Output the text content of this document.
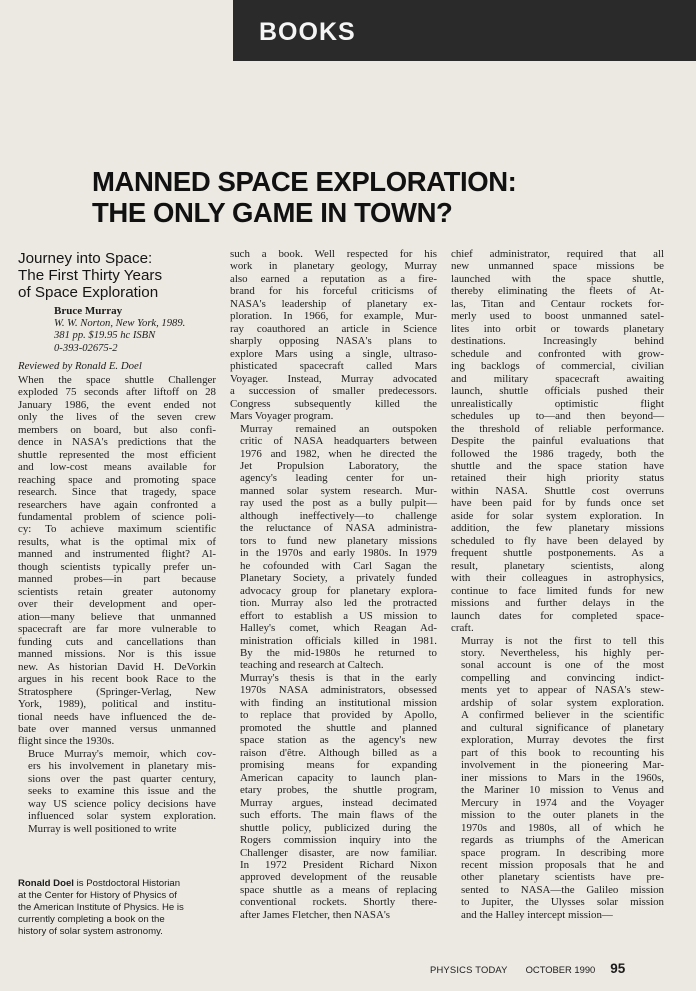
BOOKS
MANNED SPACE EXPLORATION:
THE ONLY GAME IN TOWN?
Journey into Space:
The First Thirty Years
of Space Exploration
Bruce Murray
W. W. Norton, New York, 1989.
381 pp. $19.95 hc ISBN
0-393-02675-2
Reviewed by Ronald E. Doel

When the space shuttle Challenger
exploded 75 seconds after liftoff on 28
January 1986, the event ended not
only the lives of the seven crew
members on board, but also confi-
dence in NASA's predictions that the
shuttle represented the most efficient
and low-cost means available for
reaching space and promoting space
research. Since that tragedy, space
researchers have again confronted a
fundamental problem of science poli-
cy: To achieve maximum scientific
results, what is the optimal mix of
manned and instrumented flight? Al-
though scientists typically prefer un-
manned probes—in part because
scientists retain greater autonomy
over their development and oper-
ation—many believe that unmanned
spacecraft are far more vulnerable to
funding cuts and cancellations than
manned missions. Nor is this issue
new. As historian David H. DeVorkin
argues in his recent book Race to the
Stratosphere (Springer-Verlag, New
York, 1989), political and institu-
tional needs have influenced the de-
bate over manned versus unmanned
flight since the 1930s.

Bruce Murray's memoir, which cov-
ers his involvement in planetary mis-
sions over the past quarter century,
seeks to examine this issue and the
way US science policy decisions have
influenced solar system exploration.
Murray is well positioned to write

such a book. Well respected for his
work in planetary geology, Murray
also earned a reputation as a fire-
brand for his forceful criticisms of
NASA's leadership of planetary ex-
ploration. In 1966, for example, Mur-
ray coauthored an article in Science
sharply opposing NASA's plans to
explore Mars using a single, ultraso-
phisticated spacecraft called Mars
Voyager. Instead, Murray advocated
a succession of smaller predecessors.
Congress subsequently killed the
Mars Voyager program.

Murray remained an outspoken
critic of NASA headquarters between
1976 and 1982, when he directed the
Jet Propulsion Laboratory, the
agency's leading center for un-
manned solar system research. Mur-
ray used the post as a bully pulpit—
although ineffectively—to challenge
the reluctance of NASA administra-
tors to fund new planetary missions
in the 1970s and early 1980s. In 1979
he cofounded with Carl Sagan the
Planetary Society, a privately funded
advocacy group for planetary explora-
tion. Murray also led the protracted
effort to establish a US mission to
Halley's comet, which Reagan Ad-
ministration officials killed in 1981.
By the mid-1980s he returned to
teaching and research at Caltech.

Murray's thesis is that in the early
1970s NASA administrators, obsessed
with finding an institutional mission
to replace that provided by Apollo,
promoted the shuttle and planned
space station as the agency's new
raison d'être. Although billed as a
promising means for expanding
American capacity to launch plan-
etary probes, the shuttle program,
Murray argues, instead decimated
such efforts. The main flaws of the
shuttle policy, publicized during the
Rogers commission inquiry into the
Challenger disaster, are now familiar.
In 1972 President Richard Nixon
approved development of the reusable
space shuttle as a means of replacing
conventional rockets. Shortly there-
after James Fletcher, then NASA's

chief administrator, required that all
new unmanned space missions be
launched with the space shuttle,
thereby eliminating the fleets of At-
las, Titan and Centaur rockets for-
merly used to boost unmanned satel-
lites into orbit or towards planetary
destinations. Increasingly behind
schedule and confronted with grow-
ing backlogs of commercial, civilian
and military spacecraft awaiting
launch, shuttle officials pushed their
unrealistically optimistic flight
schedules up to—and then beyond—
the threshold of reliable performance.
Despite the painful evaluations that
followed the 1986 tragedy, both the
shuttle and the space station have
retained their high priority status
within NASA. Shuttle cost overruns
have been paid for by funds once set
aside for solar system exploration. In
addition, the few planetary missions
scheduled to fly have been delayed by
frequent shuttle postponements. As a
result, planetary scientists, along
with their colleagues in astrophysics,
continue to face limited funds for new
missions and further delays in the
launch dates for completed space-
craft.

Murray is not the first to tell this
story. Nevertheless, his highly per-
sonal account is one of the most
compelling and convincing indict-
ments yet to appear of NASA's stew-
ardship of solar system exploration.
A confirmed believer in the scientific
and cultural significance of planetary
exploration, Murray devotes the first
part of this book to recounting his
involvement in the pioneering Mar-
iner missions to Mars in the 1960s,
the Mariner 10 mission to Venus and
Mercury in 1974 and the Voyager
mission to the outer planets in the
1970s and 1980s, all of which he
regards as triumphs of the American
space program. In describing more
recent mission proposals that he and
other planetary scientists have pre-
sented to NASA—the Galileo mission
to Jupiter, the Ulysses solar mission
and the Halley intercept mission—

Ronald Doel is Postdoctoral Historian
at the Center for History of Physics of
the American Institute of Physics. He is
currently completing a book on the
history of solar system astronomy.
PHYSICS TODAY OCTOBER 1990 95
